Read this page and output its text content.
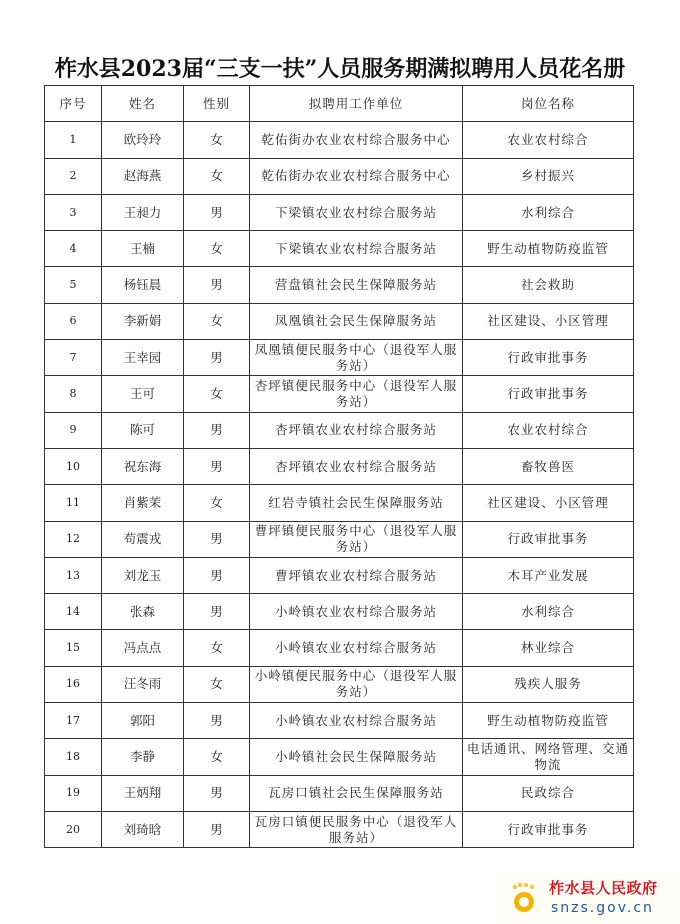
柞水县2023届“三支一扶”人员服务期满拟聘用人员花名册
序号	姓名	性别	拟聘用工作单位	岗位名称
1	欧玲玲	女	乾佑街办农业农村综合服务中心	农业农村综合
2	赵海燕	女	乾佑街办农业农村综合服务中心	乡村振兴
3	王昶力	男	下梁镇农业农村综合服务站	水利综合
4	王楠	女	下梁镇农业农村综合服务站	野生动植物防疫监管
5	杨钰晨	男	营盘镇社会民生保障服务站	社会救助
6	李新娟	女	凤凰镇社会民生保障服务站	社区建设、小区管理
7	王幸园	男	凤凰镇便民服务中心（退役军人服务站）	行政审批事务
8	王可	女	杏坪镇便民服务中心（退役军人服务站）	行政审批事务
9	陈可	男	杏坪镇农业农村综合服务站	农业农村综合
10	祝东海	男	杏坪镇农业农村综合服务站	畜牧兽医
11	肖紫茉	女	红岩寺镇社会民生保障服务站	社区建设、小区管理
12	苟震戎	男	曹坪镇便民服务中心（退役军人服务站）	行政审批事务
13	刘龙玉	男	曹坪镇农业农村综合服务站	木耳产业发展
14	张森	男	小岭镇农业农村综合服务站	水利综合
15	冯点点	女	小岭镇农业农村综合服务站	林业综合
16	汪冬雨	女	小岭镇便民服务中心（退役军人服务站）	残疾人服务
17	郭阳	男	小岭镇农业农村综合服务站	野生动植物防疫监管
18	李静	女	小岭镇社会民生保障服务站	电话通讯、网络管理、交通物流
19	王炳翔	男	瓦房口镇社会民生保障服务站	民政综合
20	刘琦晗	男	瓦房口镇便民服务中心（退役军人服务站）	行政审批事务
柞水县人民政府
snzs.gov.cn
